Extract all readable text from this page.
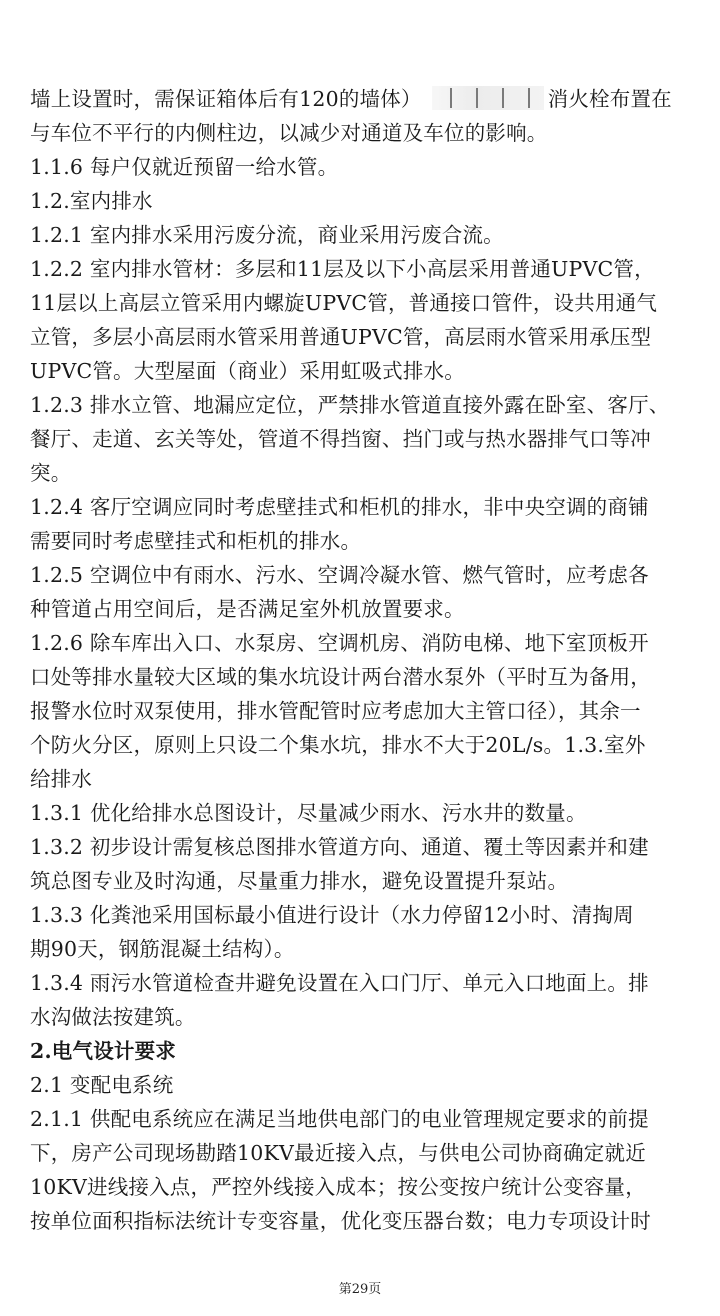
墙上设置时，需保证箱体后有120的墙体）	消火栓布置在
与车位不平行的内侧柱边，以减少对通道及车位的影响。
1.1.6 每户仅就近预留一给水管。
1.2.室内排水
1.2.1 室内排水采用污废分流，商业采用污废合流。
1.2.2 室内排水管材：多层和11层及以下小高层采用普通UPVC管，
11层以上高层立管采用内螺旋UPVC管，普通接口管件，设共用通气
立管，多层小高层雨水管采用普通UPVC管，高层雨水管采用承压型
UPVC管。大型屋面（商业）采用虹吸式排水。
1.2.3 排水立管、地漏应定位，严禁排水管道直接外露在卧室、客厅、
餐厅、走道、玄关等处，管道不得挡窗、挡门或与热水器排气口等冲
突。
1.2.4 客厅空调应同时考虑壁挂式和柜机的排水，非中央空调的商铺
需要同时考虑壁挂式和柜机的排水。
1.2.5 空调位中有雨水、污水、空调冷凝水管、燃气管时，应考虑各
种管道占用空间后，是否满足室外机放置要求。
1.2.6 除车库出入口、水泵房、空调机房、消防电梯、地下室顶板开
口处等排水量较大区域的集水坑设计两台潜水泵外（平时互为备用，
报警水位时双泵使用，排水管配管时应考虑加大主管口径），其余一
个防火分区，原则上只设二个集水坑，排水不大于20L/s。1.3.室外
给排水
1.3.1 优化给排水总图设计，尽量减少雨水、污水井的数量。
1.3.2 初步设计需复核总图排水管道方向、通道、覆土等因素并和建
筑总图专业及时沟通，尽量重力排水，避免设置提升泵站。
1.3.3 化粪池采用国标最小值进行设计（水力停留12小时、清掏周
期90天，钢筋混凝土结构）。
1.3.4 雨污水管道检查井避免设置在入口门厅、单元入口地面上。排
水沟做法按建筑。
2.电气设计要求
2.1 变配电系统
2.1.1 供配电系统应在满足当地供电部门的电业管理规定要求的前提
下，房产公司现场勘踏10KV最近接入点，与供电公司协商确定就近
10KV进线接入点，严控外线接入成本；按公变按户统计公变容量，
按单位面积指标法统计专变容量，优化变压器台数；电力专项设计时
第29页
